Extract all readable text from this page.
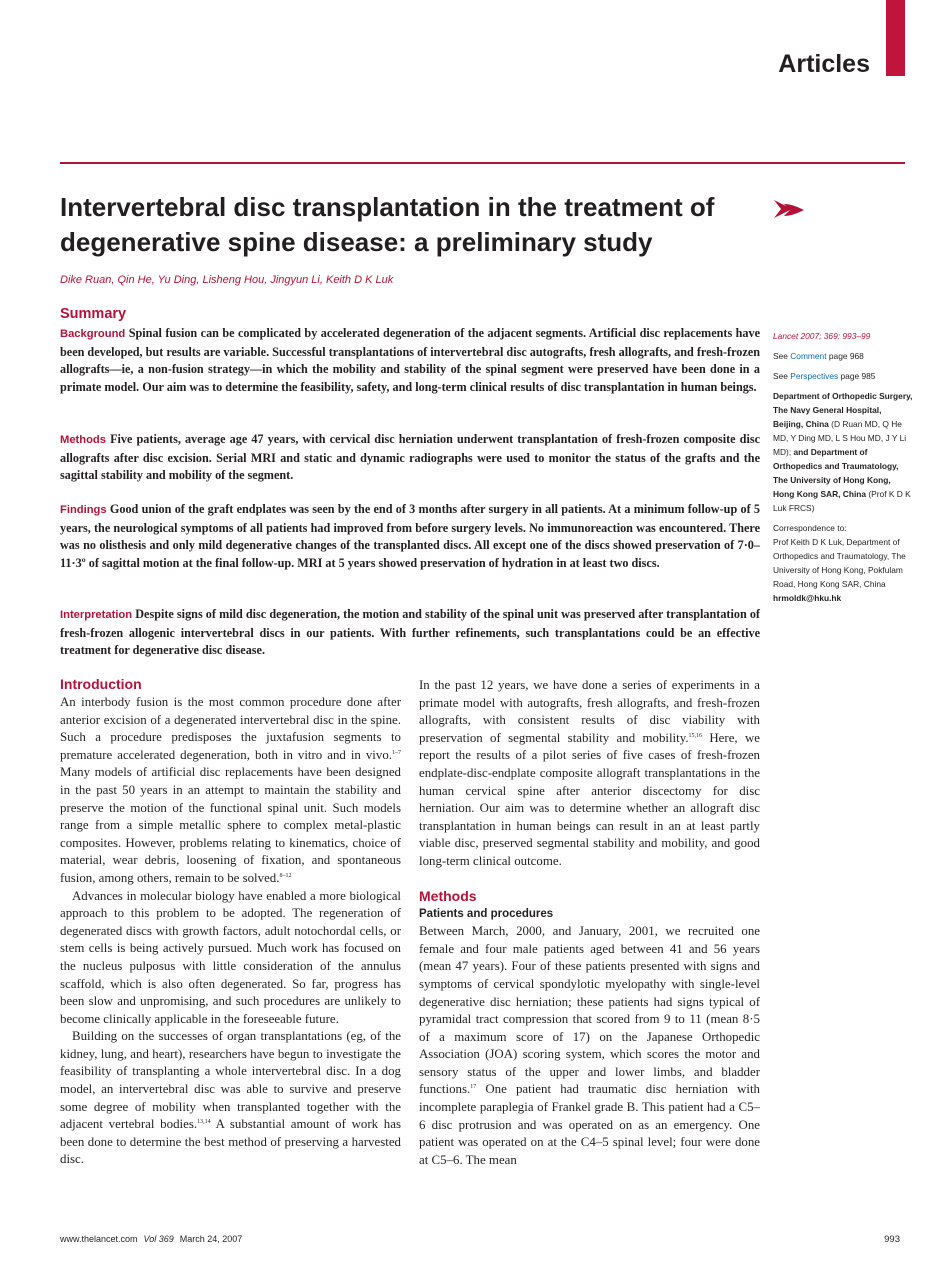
Articles
Intervertebral disc transplantation in the treatment of degenerative spine disease: a preliminary study
Dike Ruan, Qin He, Yu Ding, Lisheng Hou, Jingyun Li, Keith D K Luk
Summary

Background Spinal fusion can be complicated by accelerated degeneration of the adjacent segments. Artificial disc replacements have been developed, but results are variable. Successful transplantations of intervertebral disc autografts, fresh allografts, and fresh-frozen allografts—ie, a non-fusion strategy—in which the mobility and stability of the spinal segment were preserved have been done in a primate model. Our aim was to determine the feasibility, safety, and long-term clinical results of disc transplantation in human beings.

Methods Five patients, average age 47 years, with cervical disc herniation underwent transplantation of fresh-frozen composite disc allografts after disc excision. Serial MRI and static and dynamic radiographs were used to monitor the status of the grafts and the sagittal stability and mobility of the segment.

Findings Good union of the graft endplates was seen by the end of 3 months after surgery in all patients. At a minimum follow-up of 5 years, the neurological symptoms of all patients had improved from before surgery levels. No immunoreaction was encountered. There was no olisthesis and only mild degenerative changes of the transplanted discs. All except one of the discs showed preservation of 7·0–11·3º of sagittal motion at the final follow-up. MRI at 5 years showed preservation of hydration in at least two discs.

Interpretation Despite signs of mild disc degeneration, the motion and stability of the spinal unit was preserved after transplantation of fresh-frozen allogenic intervertebral discs in our patients. With further refinements, such transplantations could be an effective treatment for degenerative disc disease.

Lancet 2007; 369: 993–99

See Comment page 968

See Perspectives page 985

Department of Orthopedic Surgery, The Navy General Hospital, Beijing, China (D Ruan MD, Q He MD, Y Ding MD, L S Hou MD, J Y Li MD); and Department of Orthopedics and Traumatology, The University of Hong Kong, Hong Kong SAR, China (Prof K D K Luk FRCS)

Correspondence to:

Prof Keith D K Luk, Department of Orthopedics and Traumatology, The University of Hong Kong, Pokfulam Road, Hong Kong SAR, China

hrmoldk@hku.hk

Introduction

An interbody fusion is the most common procedure done after anterior excision of a degenerated intervertebral disc in the spine. Such a procedure predisposes the juxtafusion segments to premature accelerated degeneration, both in vitro and in vivo.$^{1-7}$ Many models of artificial disc replacements have been designed in the past 50 years in an attempt to maintain the stability and preserve the motion of the functional spinal unit. Such models range from a simple metallic sphere to complex metal-plastic composites. However, problems relating to kinematics, choice of material, wear debris, loosening of fixation, and spontaneous fusion, among others, remain to be solved.$^{8-12}$

Advances in molecular biology have enabled a more biological approach to this problem to be adopted. The regeneration of degenerated discs with growth factors, adult notochordal cells, or stem cells is being actively pursued. Much work has focused on the nucleus pulposus with little consideration of the annulus scaffold, which is also often degenerated. So far, progress has been slow and unpromising, and such procedures are unlikely to become clinically applicable in the foreseeable future.

Building on the successes of organ transplantations (eg, of the kidney, lung, and heart), researchers have begun to investigate the feasibility of transplanting a whole intervertebral disc. In a dog model, an intervertebral disc was able to survive and preserve some degree of mobility when transplanted together with the adjacent vertebral bodies.$^{13,14}$ A substantial amount of work has been done to determine the best method of preserving a harvested disc.

In the past 12 years, we have done a series of experiments in a primate model with autografts, fresh allografts, and fresh-frozen allografts, with consistent results of disc viability with preservation of segmental stability and mobility.$^{15,16}$ Here, we report the results of a pilot series of five cases of fresh-frozen endplate-disc-endplate composite allograft transplantations in the human cervical spine after anterior discectomy for disc herniation. Our aim was to determine whether an allograft disc transplantation in human beings can result in an at least partly viable disc, preserved segmental stability and mobility, and good long-term clinical outcome.

Methods

Patients and procedures

Between March, 2000, and January, 2001, we recruited one female and four male patients aged between 41 and 56 years (mean 47 years). Four of these patients presented with signs and symptoms of cervical spondylotic myelopathy with single-level degenerative disc herniation; these patients had signs typical of pyramidal tract compression that scored from 9 to 11 (mean 8·5 of a maximum score of 17) on the Japanese Orthopedic Association (JOA) scoring system, which scores the motor and sensory status of the upper and lower limbs, and bladder functions.$^{17}$ One patient had traumatic disc herniation with incomplete paraplegia of Frankel grade B. This patient had a C5–6 disc protrusion and was operated on as an emergency. One patient was operated on at the C4–5 spinal level; four were done at C5–6. The mean

www.thelancet.com Vol 369 March 24, 2007	993
